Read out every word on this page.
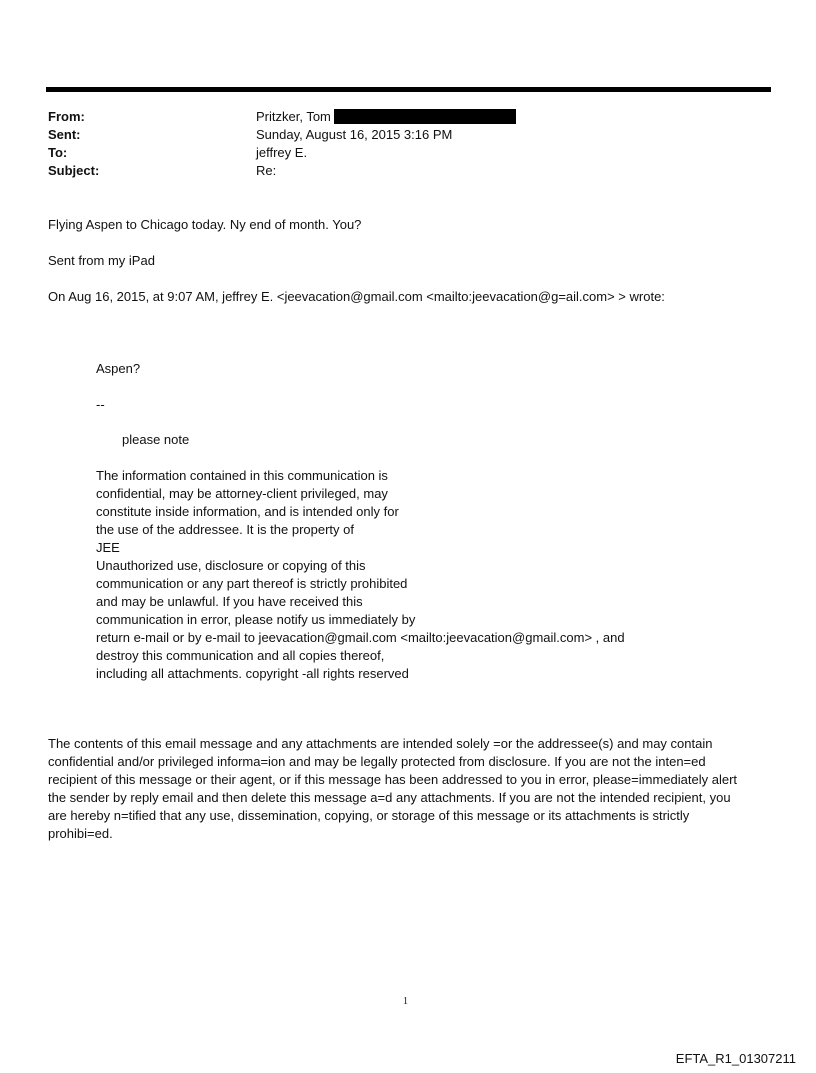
From:	Pritzker, Tom
Sent:	Sunday, August 16, 2015 3:16 PM
To:	jeffrey E.
Subject:	Re:
Flying Aspen to Chicago today. Ny end of month. You?
Sent from my iPad
On Aug 16, 2015, at 9:07 AM, jeffrey E. <jeevacation@gmail.com <mailto:jeevacation@g=ail.com> > wrote:
Aspen?
--
please note
The information contained in this communication is
confidential, may be attorney-client privileged, may
constitute inside information, and is intended only for
the use of the addressee. It is the property of
JEE
Unauthorized use, disclosure or copying of this
communication or any part thereof is strictly prohibited
and may be unlawful. If you have received this
communication in error, please notify us immediately by
return e-mail or by e-mail to jeevacation@gmail.com <mailto:jeevacation@gmail.com> , and
destroy this communication and all copies thereof,
including all attachments. copyright -all rights reserved
The contents of this email message and any attachments are intended solely =or the addressee(s) and may contain
confidential and/or privileged informa=ion and may be legally protected from disclosure. If you are not the inten=ed
recipient of this message or their agent, or if this message has been addressed to you in error, please=immediately alert
the sender by reply email and then delete this message a=d any attachments. If you are not the intended recipient, you
are hereby n=tified that any use, dissemination, copying, or storage of this message or its attachments is strictly
prohibi=ed.
1
EFTA_R1_01307211
